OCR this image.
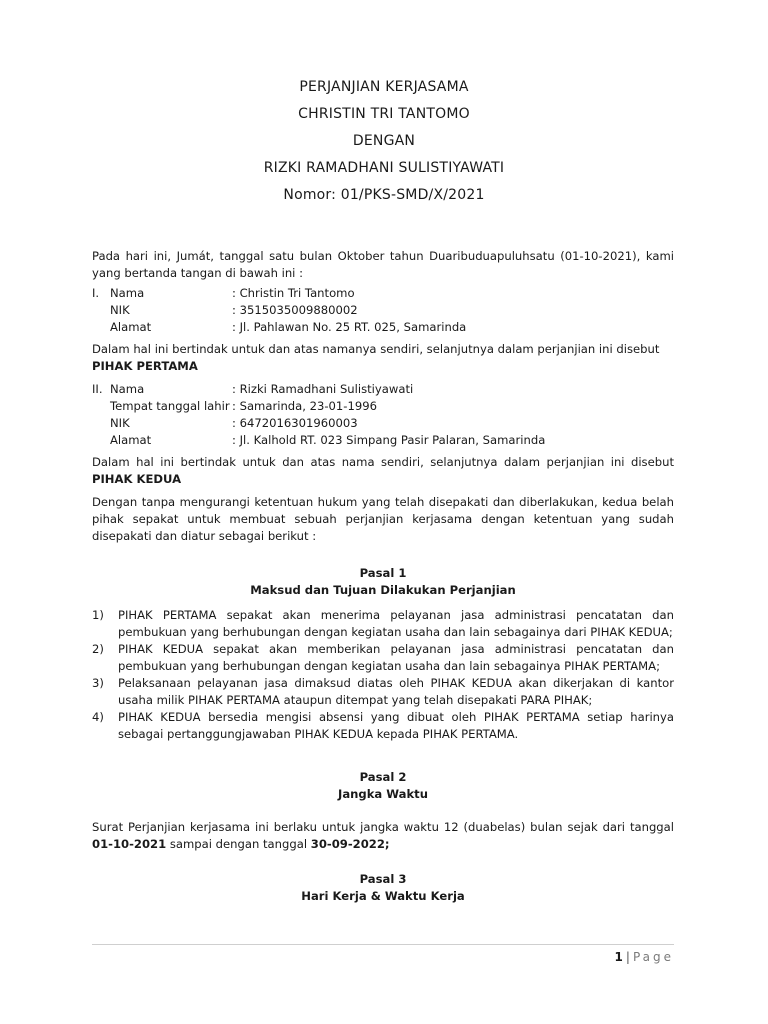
PERJANJIAN KERJASAMA
CHRISTIN TRI TANTOMO
DENGAN
RIZKI RAMADHANI SULISTIYAWATI
Nomor: 01/PKS-SMD/X/2021

Pada hari ini, Jumát, tanggal satu bulan Oktober tahun Duaribuduapuluhsatu (01-10-2021), kami yang bertanda tangan di bawah ini :

I. Nama	: Christin Tri Tantomo
NIK	: 3515035009880002
Alamat	: Jl. Pahlawan No. 25 RT. 025, Samarinda

Dalam hal ini bertindak untuk dan atas namanya sendiri, selanjutnya dalam perjanjian ini disebut
PIHAK PERTAMA

II. Nama	: Rizki Ramadhani Sulistiyawati
Tempat tanggal lahir : Samarinda, 23-01-1996
NIK	: 6472016301960003
Alamat	: Jl. Kalhold RT. 023 Simpang Pasir Palaran, Samarinda

Dalam hal ini bertindak untuk dan atas nama sendiri, selanjutnya dalam perjanjian ini disebut PIHAK KEDUA

Dengan tanpa mengurangi ketentuan hukum yang telah disepakati dan diberlakukan, kedua belah pihak sepakat untuk membuat sebuah perjanjian kerjasama dengan ketentuan yang sudah disepakati dan diatur sebagai berikut :

Pasal 1
Maksud dan Tujuan Dilakukan Perjanjian
1)	PIHAK PERTAMA sepakat akan menerima pelayanan jasa administrasi pencatatan dan pembukuan yang berhubungan dengan kegiatan usaha dan lain sebagainya dari PIHAK KEDUA;
2)	PIHAK KEDUA sepakat akan memberikan pelayanan jasa administrasi pencatatan dan pembukuan yang berhubungan dengan kegiatan usaha dan lain sebagainya PIHAK PERTAMA;
3)	Pelaksanaan pelayanan jasa dimaksud diatas oleh PIHAK KEDUA akan dikerjakan di kantor usaha milik PIHAK PERTAMA ataupun ditempat yang telah disepakati PARA PIHAK;
4)	PIHAK KEDUA bersedia mengisi absensi yang dibuat oleh PIHAK PERTAMA setiap harinya sebagai pertanggungjawaban PIHAK KEDUA kepada PIHAK PERTAMA.
Pasal 2
Jangka Waktu

Surat Perjanjian kerjasama ini berlaku untuk jangka waktu 12 (duabelas) bulan sejak dari tanggal 01-10-2021 sampai dengan tanggal 30-09-2022;

Pasal 3
Hari Kerja & Waktu Kerja
1 | Page
